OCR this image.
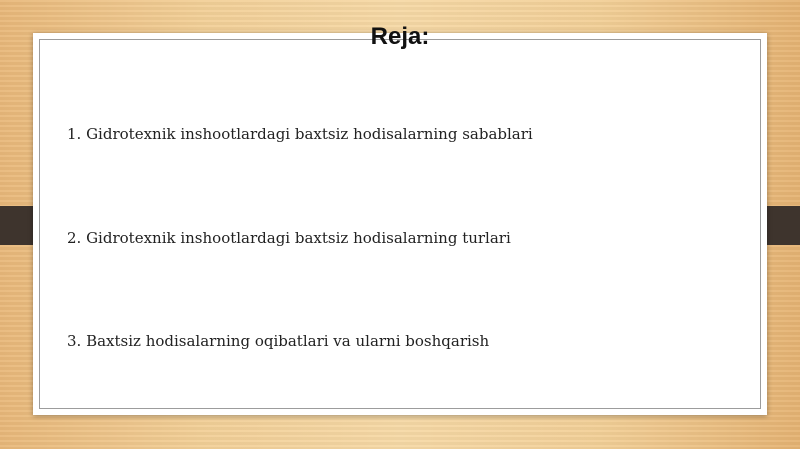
Reja:
1. Gidrotexnik inshootlardagi baxtsiz hodisalarning sabablari
2. Gidrotexnik inshootlardagi baxtsiz hodisalarning turlari
3. Baxtsiz hodisalarning oqibatlari va ularni boshqarish
